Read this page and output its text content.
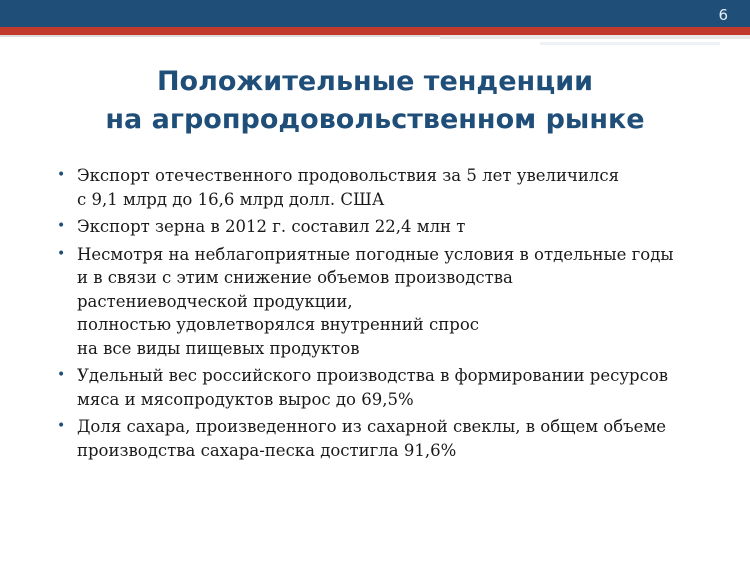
6
Положительные тенденции
на агропродовольственном рынке
• Экспорт отечественного продовольствия за 5 лет увеличился
с 9,1 млрд до 16,6 млрд долл. США
• Экспорт зерна в 2012 г. составил 22,4 млн т
• Несмотря на неблагоприятные погодные условия в отдельные годы
и в связи с этим снижение объемов производства
растениеводческой продукции,
полностью удовлетворялся внутренний спрос
на все виды пищевых продуктов
• Удельный вес российского производства в формировании ресурсов
мяса и мясопродуктов вырос до 69,5%
• Доля сахара, произведенного из сахарной свеклы, в общем объеме
производства сахара-песка достигла 91,6%
